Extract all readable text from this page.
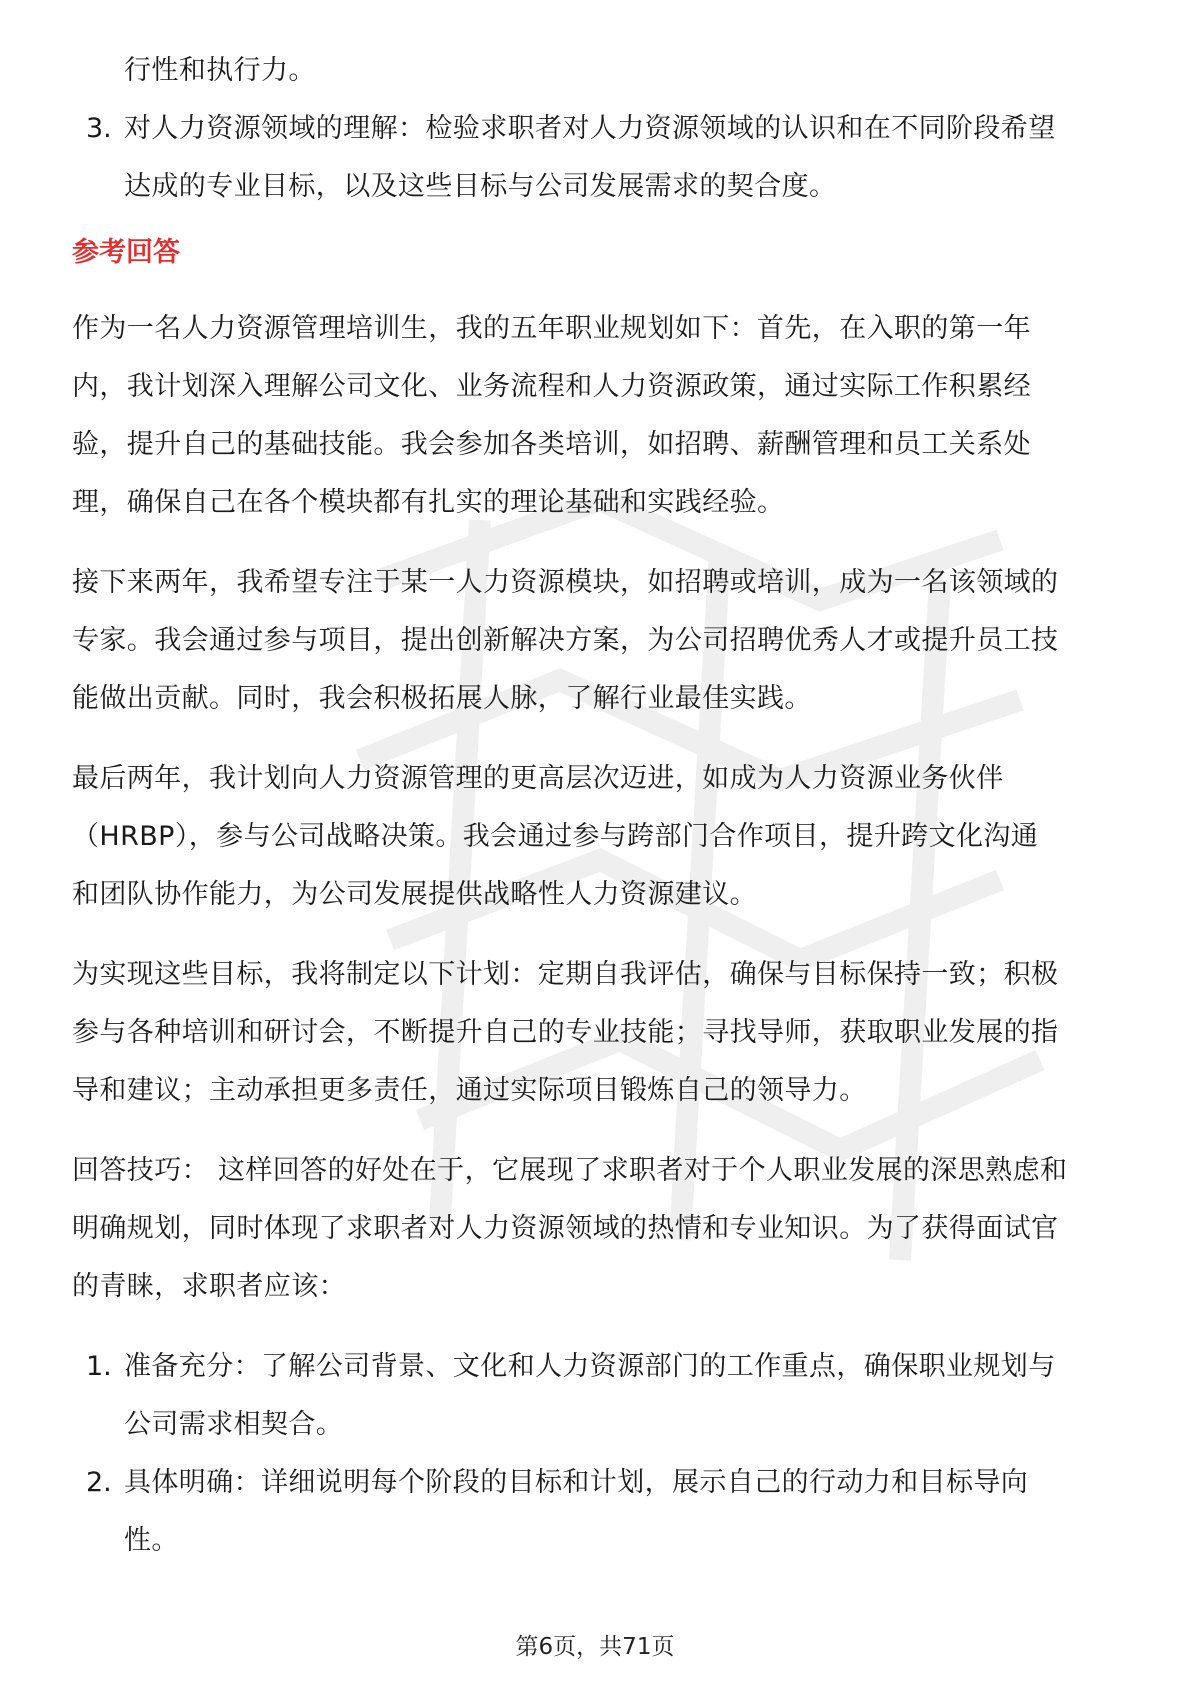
行性和执行力。
3. 对人力资源领域的理解：检验求职者对人力资源领域的认识和在不同阶段希望
达成的专业目标，以及这些目标与公司发展需求的契合度。
参考回答
作为一名人力资源管理培训生，我的五年职业规划如下：首先，在入职的第一年
内，我计划深入理解公司文化、业务流程和人力资源政策，通过实际工作积累经
验，提升自己的基础技能。我会参加各类培训，如招聘、薪酬管理和员工关系处
理，确保自己在各个模块都有扎实的理论基础和实践经验。
接下来两年，我希望专注于某一人力资源模块，如招聘或培训，成为一名该领域的
专家。我会通过参与项目，提出创新解决方案，为公司招聘优秀人才或提升员工技
能做出贡献。同时，我会积极拓展人脉，了解行业最佳实践。
最后两年，我计划向人力资源管理的更高层次迈进，如成为人力资源业务伙伴
（HRBP），参与公司战略决策。我会通过参与跨部门合作项目，提升跨文化沟通
和团队协作能力，为公司发展提供战略性人力资源建议。
为实现这些目标，我将制定以下计划：定期自我评估，确保与目标保持一致；积极
参与各种培训和研讨会，不断提升自己的专业技能；寻找导师，获取职业发展的指
导和建议；主动承担更多责任，通过实际项目锻炼自己的领导力。
回答技巧： 这样回答的好处在于，它展现了求职者对于个人职业发展的深思熟虑和
明确规划，同时体现了求职者对人力资源领域的热情和专业知识。为了获得面试官
的青睐，求职者应该：
1. 准备充分：了解公司背景、文化和人力资源部门的工作重点，确保职业规划与
公司需求相契合。
2. 具体明确：详细说明每个阶段的目标和计划，展示自己的行动力和目标导向
性。
第6页，共71页
